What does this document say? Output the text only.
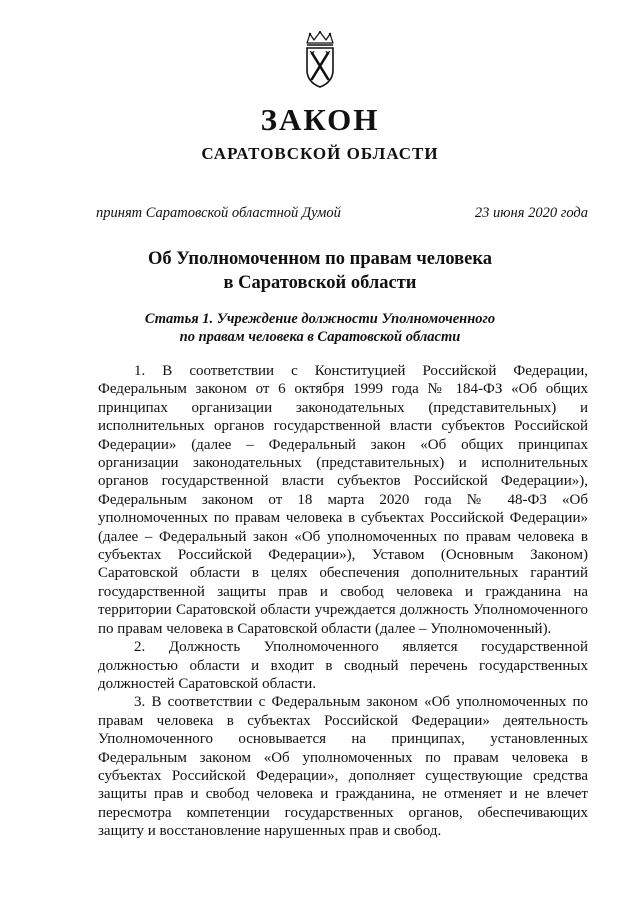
ЗАКОН
САРАТОВСКОЙ ОБЛАСТИ
принят Саратовской областной Думой	23 июня 2020 года
Об Уполномоченном по правам человека
в Саратовской области
Статья 1. Учреждение должности Уполномоченного
по правам человека в Саратовской области

1. В соответствии с Конституцией Российской Федерации, Федеральным законом от 6 октября 1999 года № 184-ФЗ «Об общих принципах организации законодательных (представительных) и исполнительных органов государственной власти субъектов Российской Федерации» (далее – Федеральный закон «Об общих принципах организации законодательных (представительных) и исполнительных органов государственной власти субъектов Российской Федерации»), Федеральным законом от 18 марта 2020 года № 48-ФЗ «Об уполномоченных по правам человека в субъектах Российской Федерации» (далее – Федеральный закон «Об уполномоченных по правам человека в субъектах Российской Федерации»), Уставом (Основным Законом) Саратовской области в целях обеспечения дополнительных гарантий государственной защиты прав и свобод человека и гражданина на территории Саратовской области учреждается должность Уполномоченного по правам человека в Саратовской области (далее – Уполномоченный).

2. Должность Уполномоченного является государственной должностью области и входит в сводный перечень государственных должностей Саратовской области.

3. В соответствии с Федеральным законом «Об уполномоченных по правам человека в субъектах Российской Федерации» деятельность Уполномоченного основывается на принципах, установленных Федеральным законом «Об уполномоченных по правам человека в субъектах Российской Федерации», дополняет существующие средства защиты прав и свобод человека и гражданина, не отменяет и не влечет пересмотра компетенции государственных органов, обеспечивающих защиту и восстановление нарушенных прав и свобод.
